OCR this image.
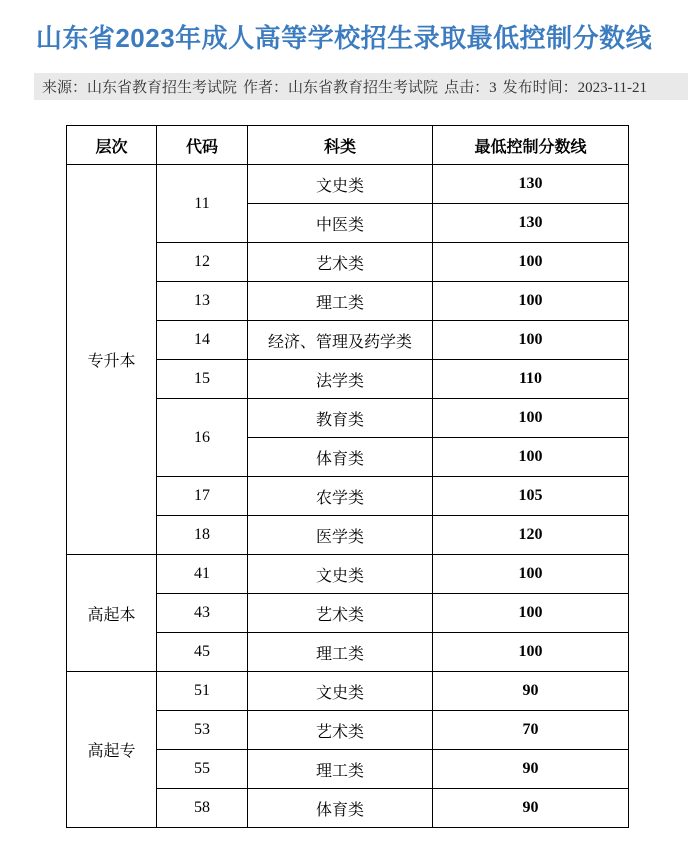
山东省2023年成人高等学校招生录取最低控制分数线
来源：山东省教育招生考试院 作者：山东省教育招生考试院 点击：3 发布时间：2023-11-21
层次	代码	科类	最低控制分数线
专升本	11	文史类	130
		中医类	130
	12	艺术类	100
	13	理工类	100
	14	经济、管理及药学类	100
	15	法学类	110
	16	教育类	100
		体育类	100
	17	农学类	105
	18	医学类	120
高起本	41	文史类	100
	43	艺术类	100
	45	理工类	100
高起专	51	文史类	90
	53	艺术类	70
	55	理工类	90
	58	体育类	90
